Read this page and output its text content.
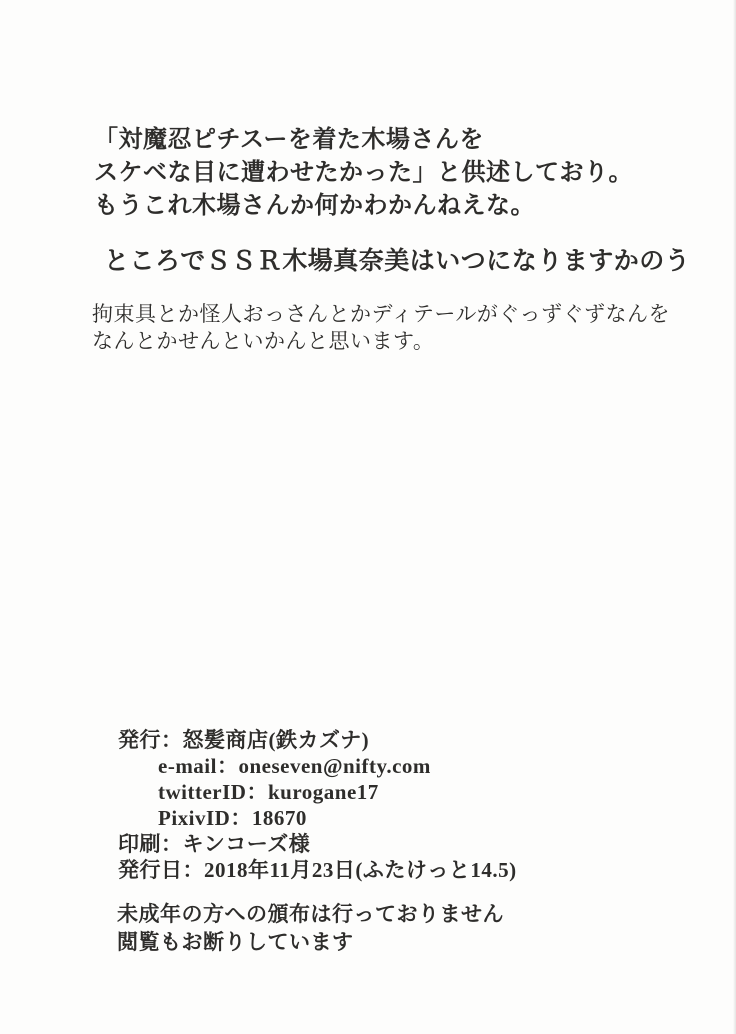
「対魔忍ピチスーを着た木場さんを
スケベな目に遭わせたかった」と供述しており。
もうこれ木場さんか何かわかんねえな。
ところでＳＳＲ木場真奈美はいつになりますかのう
拘束具とか怪人おっさんとかディテールがぐっずぐずなんを
なんとかせんといかんと思います。
発行：怒髪商店(鉄カズナ)
e-mail：oneseven@nifty.com
twitterID：kurogane17
PixivID：18670
印刷：キンコーズ様
発行日：2018年11月23日(ふたけっと14.5)
未成年の方への頒布は行っておりません
閲覧もお断りしています
